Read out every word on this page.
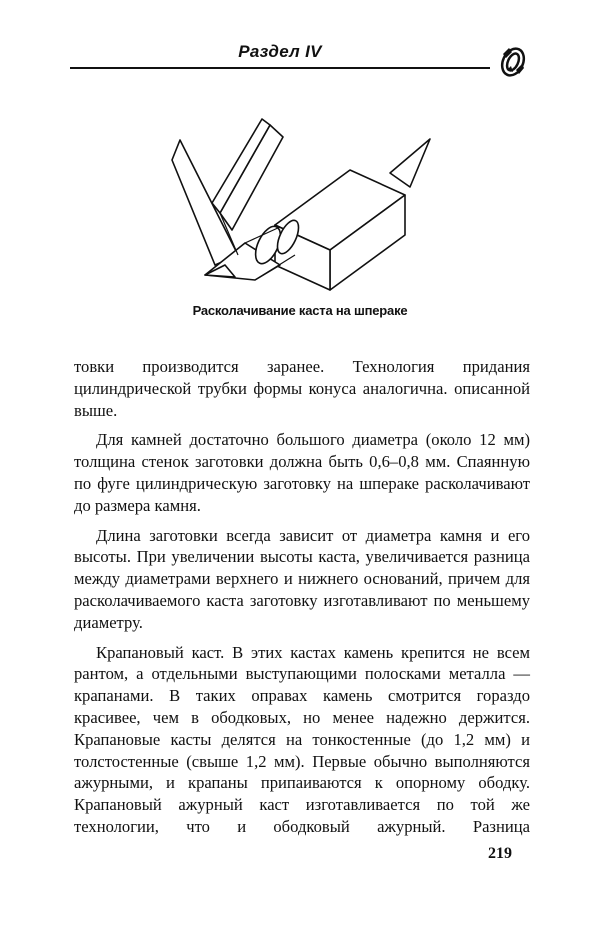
Раздел IV
Расколачивание каста на шпераке

товки производится заранее. Технология придания цилиндрической трубки формы конуса аналогична. описанной выше.

Для камней достаточно большого диаметра (около 12 мм) толщина стенок заготовки должна быть 0,6–0,8 мм. Спаянную по фуге цилиндрическую заготовку на шпераке расколачивают до размера камня.

Длина заготовки всегда зависит от диаметра камня и его высоты. При увеличении высоты каста, увеличивается разница между диаметрами верхнего и нижнего оснований, причем для расколачиваемого каста заготовку изготавливают по меньшему диаметру.

Крапановый каст. В этих кастах камень крепится не всем рантом, а отдельными выступающими полосками металла — крапанами. В таких оправах камень смотрится гораздо красивее, чем в ободковых, но менее надежно держится. Крапановые касты делятся на тонкостенные (до 1,2 мм) и толстостенные (свыше 1,2 мм). Первые обычно выполняются ажурными, и крапаны припаиваются к опорному ободку. Крапановый ажурный каст изготавливается по той же технологии, что и ободковый ажурный. Разница

219
